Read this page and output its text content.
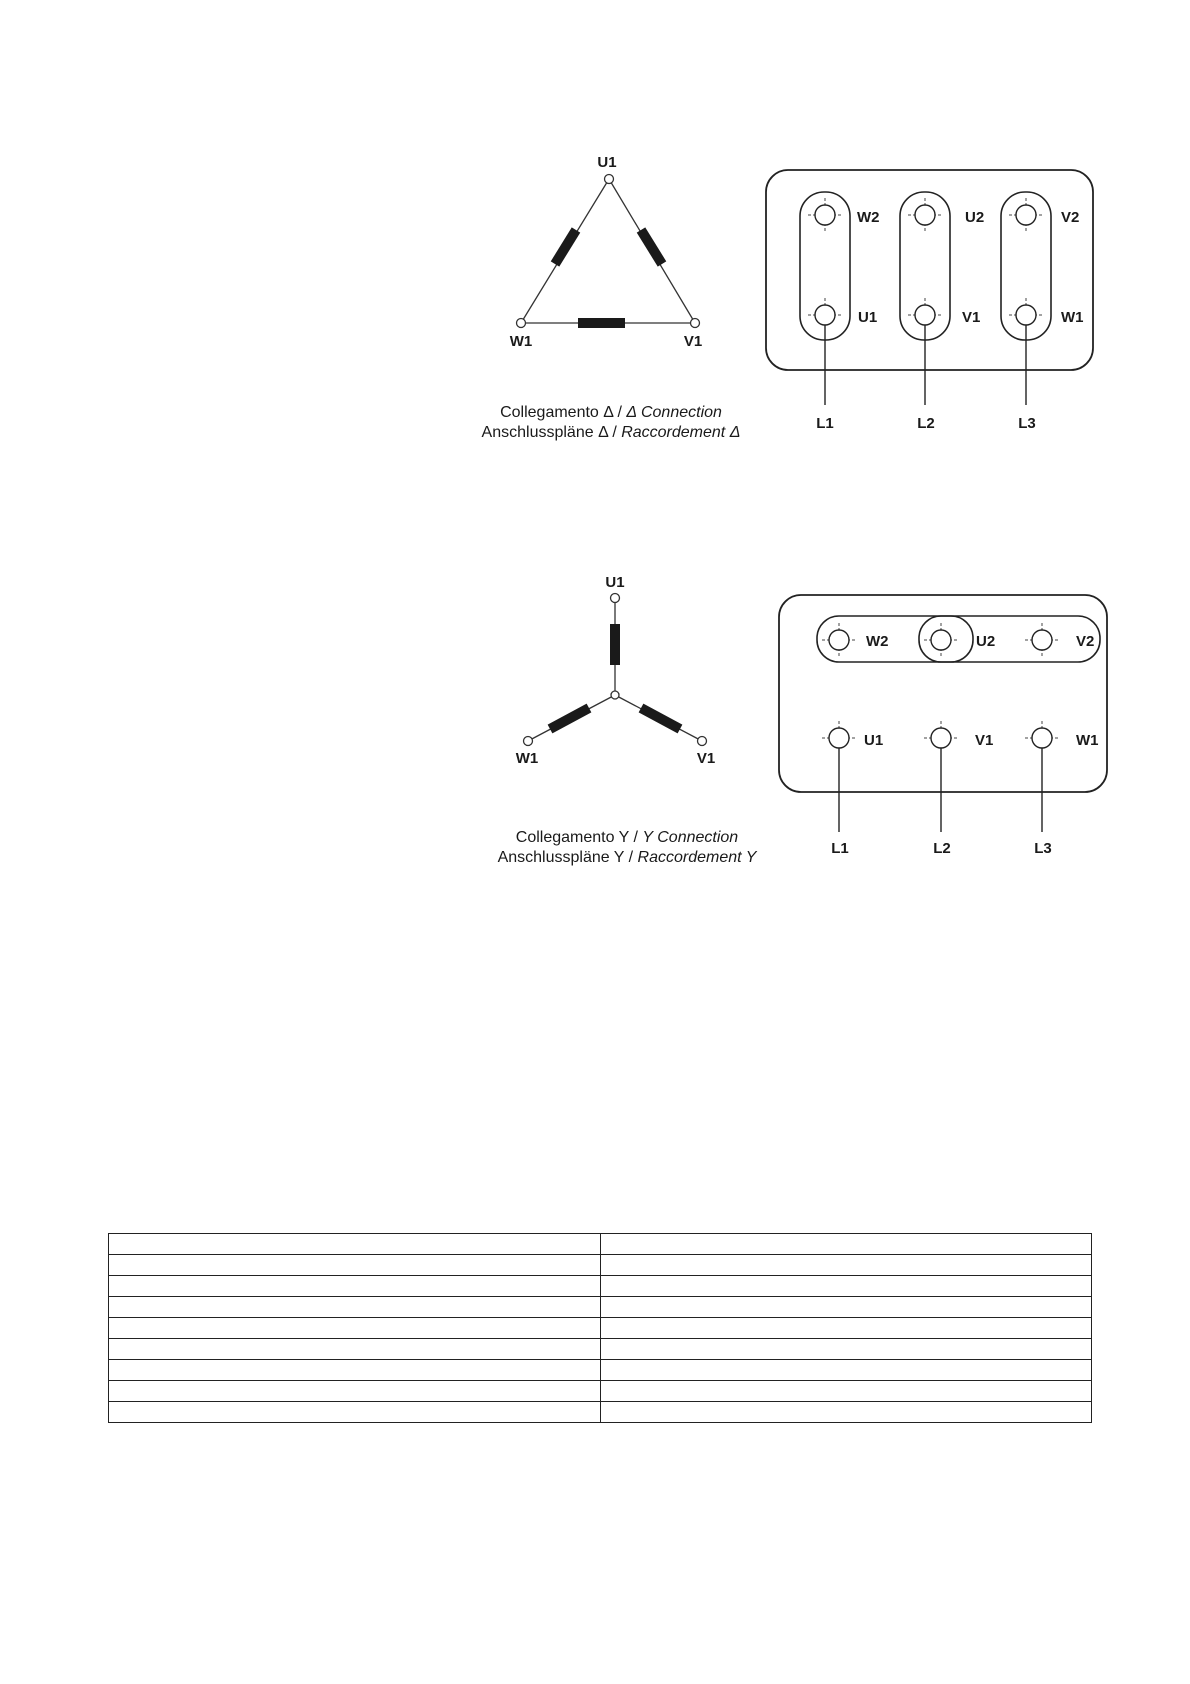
U1
W1	V1
Collegamento Δ / Δ Connection
Anschlusspläne Δ / Raccordement Δ
W2	U2	V2
U1	V1	W1
L1	L2	L3
U1
W1	V1
Collegamento Y / Y Connection
Anschlusspläne Y / Raccordement Y
W2	U2	V2
U1	V1	W1
L1	L2	L3
